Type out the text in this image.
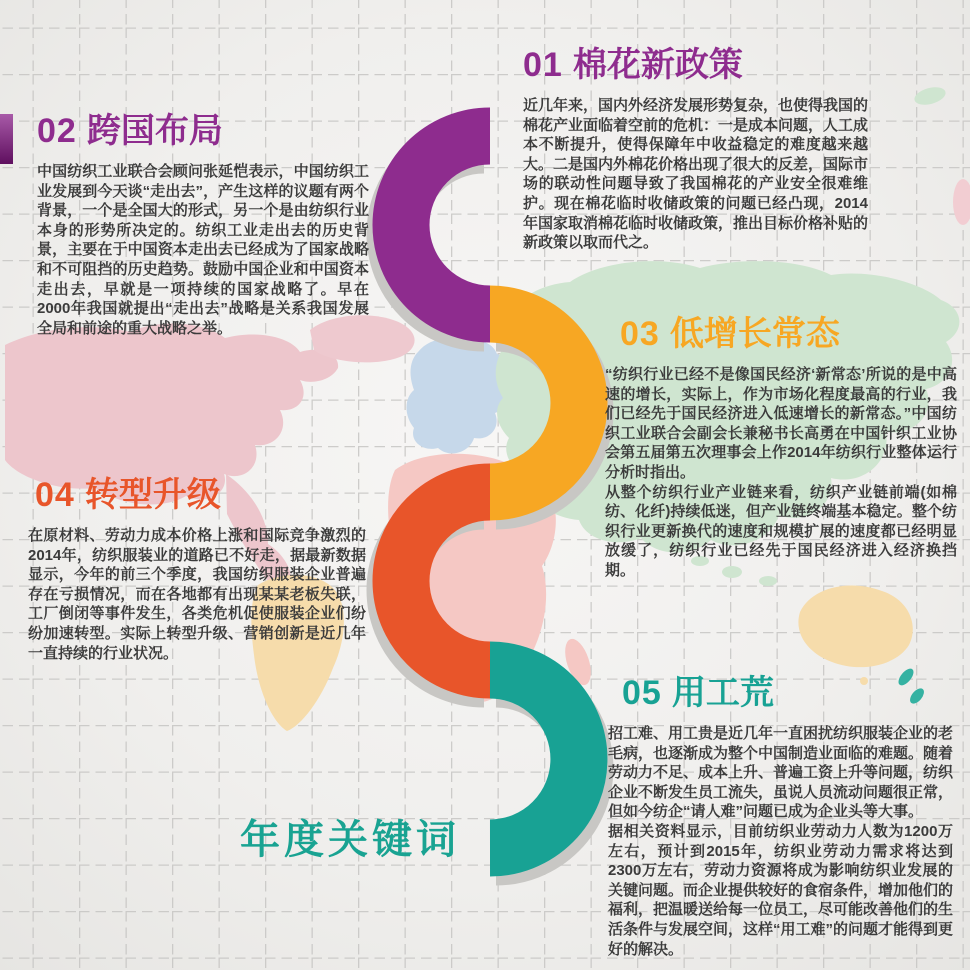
01 棉花新政策

近几年来，国内外经济发展形势复杂，也使得我国的棉花产业面临着空前的危机：一是成本问题，人工成本不断提升，使得保障年中收益稳定的难度越来越大。二是国内外棉花价格出现了很大的反差，国际市场的联动性问题导致了我国棉花的产业安全很难维护。现在棉花临时收储政策的问题已经凸现，2014年国家取消棉花临时收储政策，推出目标价格补贴的新政策以取而代之。

02 跨国布局

中国纺织工业联合会顾问张延恺表示，中国纺织工业发展到今天谈“走出去”，产生这样的议题有两个背景，一个是全国大的形式，另一个是由纺织行业本身的形势所决定的。纺织工业走出去的历史背景，主要在于中国资本走出去已经成为了国家战略和不可阻挡的历史趋势。鼓励中国企业和中国资本走出去，早就是一项持续的国家战略了。早在2000年我国就提出“走出去”战略是关系我国发展全局和前途的重大战略之举。	03 低增长常态

“纺织行业已经不是像国民经济‘新常态’所说的是中高速的增长，实际上，作为市场化程度最高的行业，我们已经先于国民经济进入低速增长的新常态。”中国纺织工业联合会副会长兼秘书长高勇在中国针织工业协会第五届第五次理事会上作2014年纺织行业整体运行分析时指出。

从整个纺织行业产业链来看，纺织产业链前端(如棉纺、化纤)持续低迷，但产业链终端基本稳定。整个纺织行业更新换代的速度和规模扩展的速度都已经明显放缓了，纺织行业已经先于国民经济进入经济换挡期。

04 转型升级

在原材料、劳动力成本价格上涨和国际竞争激烈的2014年，纺织服装业的道路已不好走，据最新数据显示，今年的前三个季度，我国纺织服装企业普遍存在亏损情况，而在各地都有出现某某老板失联，工厂倒闭等事件发生，各类危机促使服装企业们纷纷加速转型。实际上转型升级、营销创新是近几年一直持续的行业状况。

05 用工荒

招工难、用工贵是近几年一直困扰纺织服装企业的老毛病，也逐渐成为整个中国制造业面临的难题。随着劳动力不足、成本上升、普遍工资上升等问题，纺织企业不断发生员工流失，虽说人员流动问题很正常，但如今纺企“请人难”问题已成为企业头等大事。

据相关资料显示，目前纺织业劳动力人数为1200万左右，预计到2015年，纺织业劳动力需求将达到2300万左右，劳动力资源将成为影响纺织业发展的关键问题。而企业提供较好的食宿条件，增加他们的福利，把温暖送给每一位员工，尽可能改善他们的生活条件与发展空间，这样“用工难”的问题才能得到更好的解决。

年度关键词
